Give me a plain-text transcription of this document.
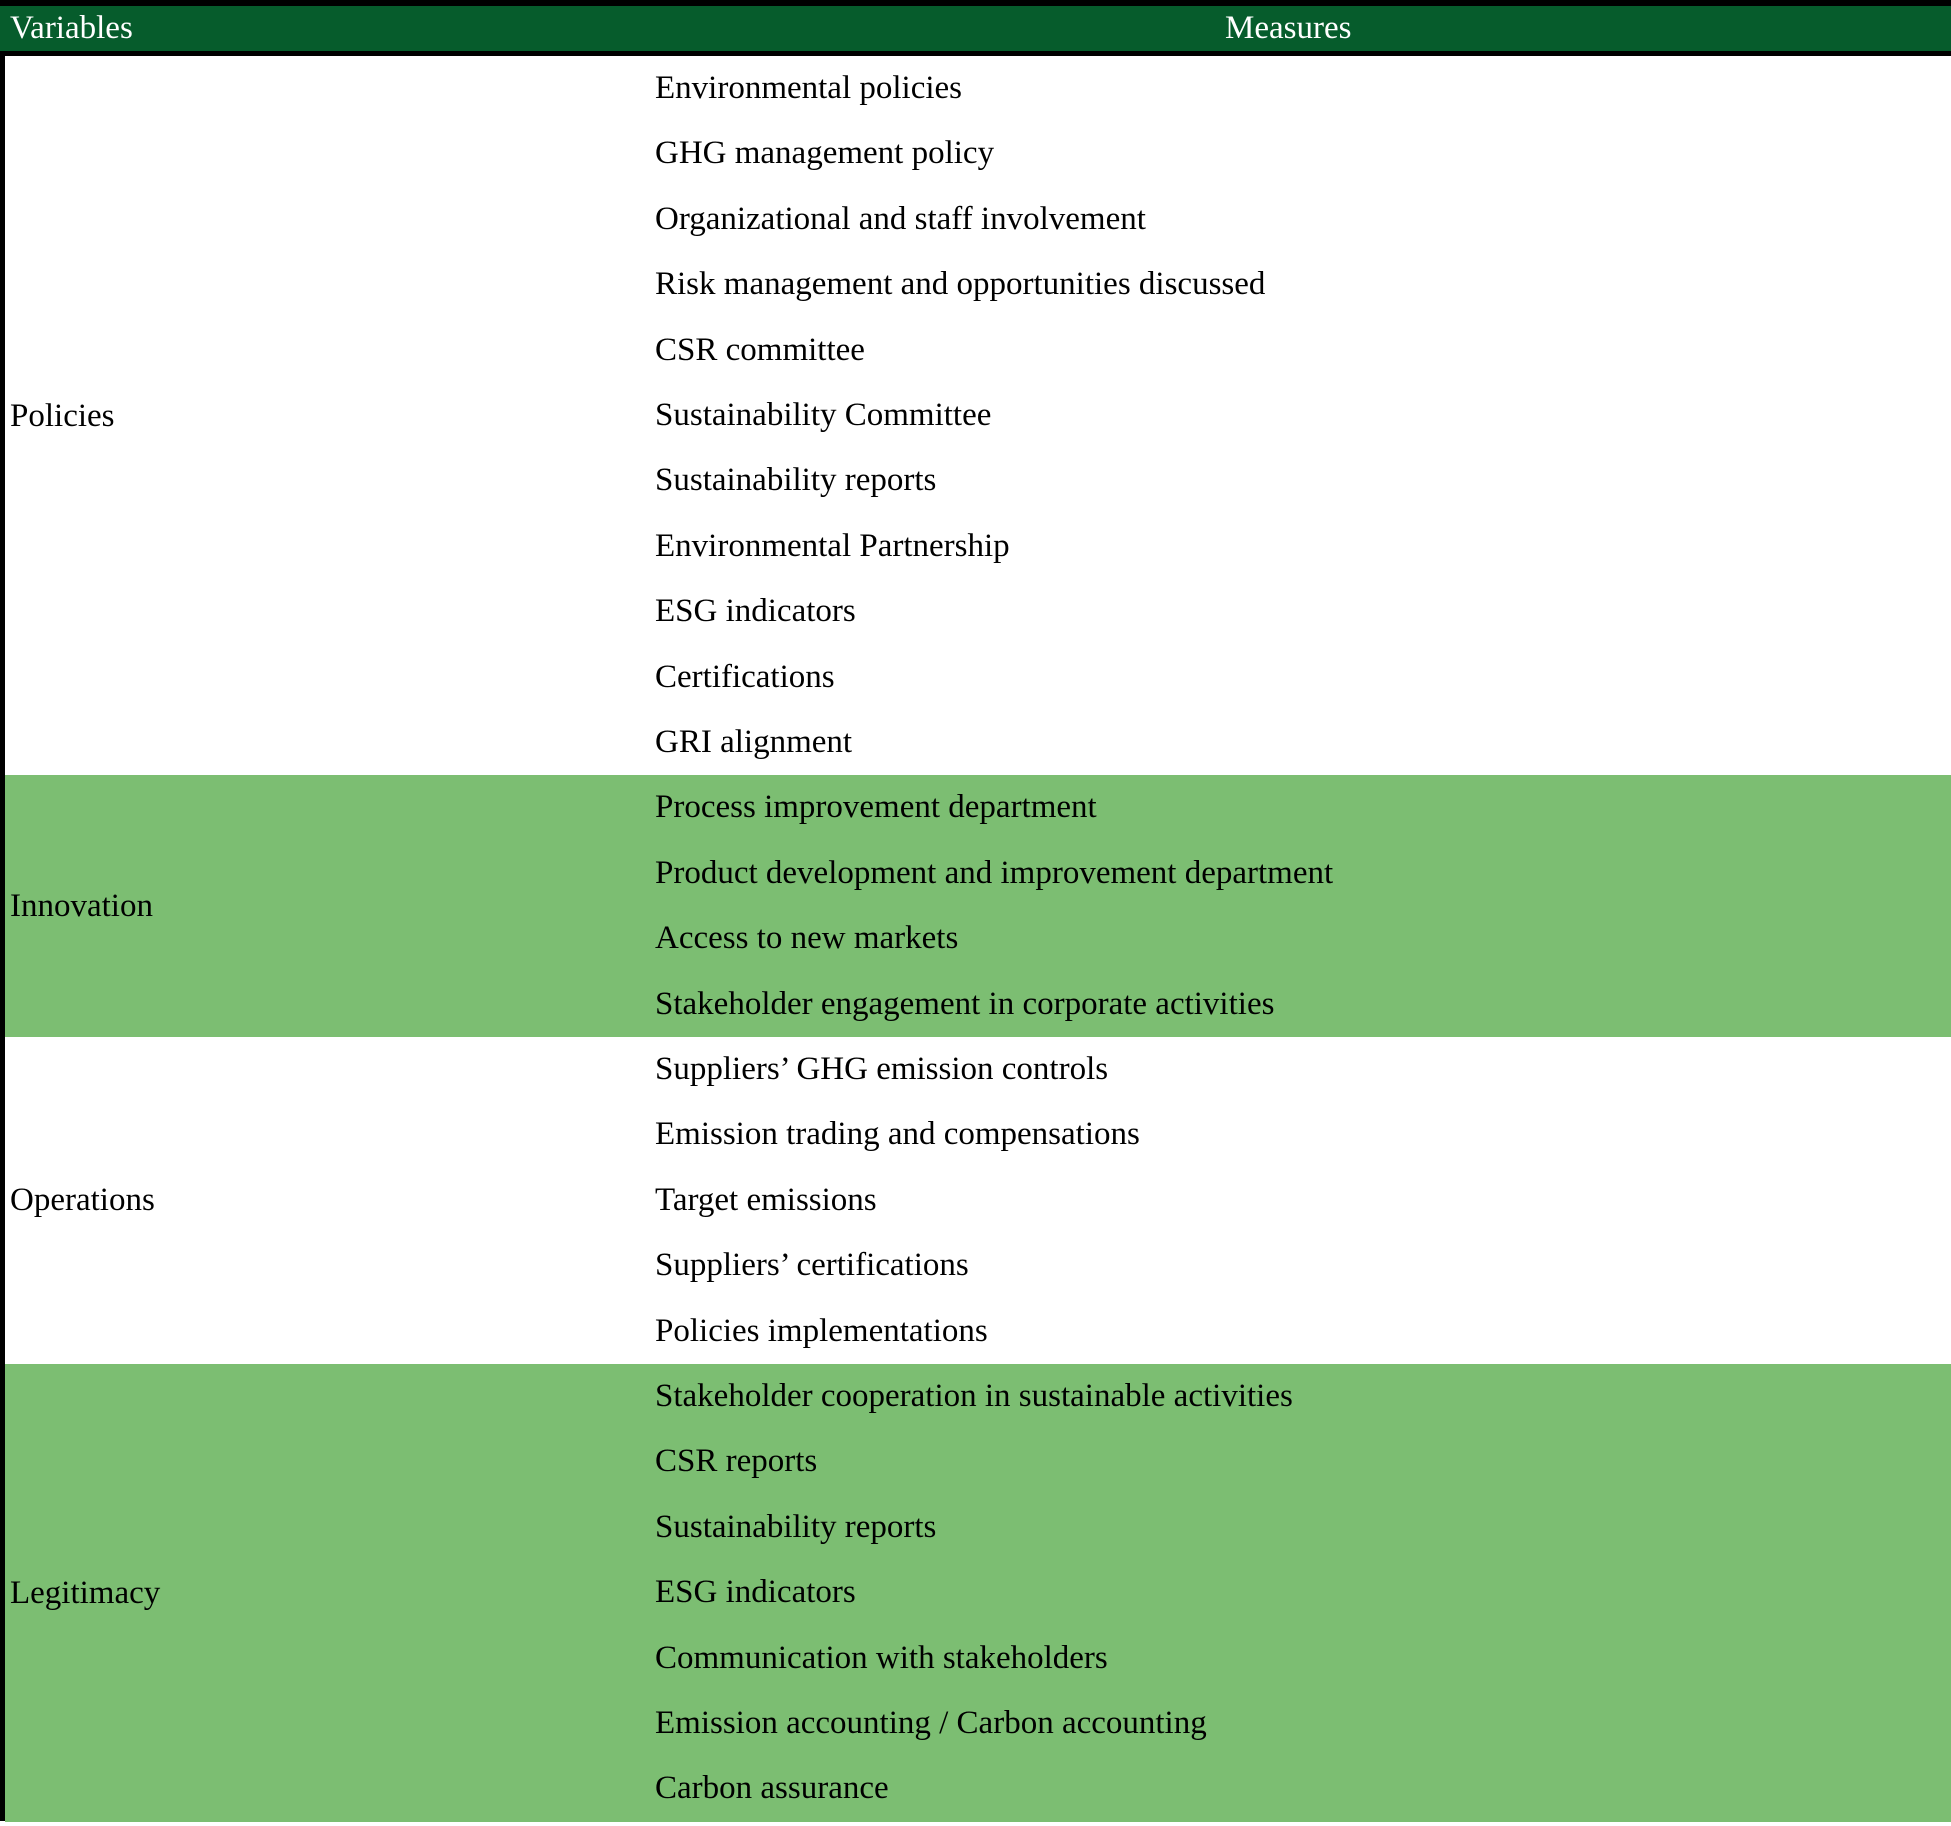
Variables	Measures
Policies
Environmental policies
GHG management policy
Organizational and staff involvement
Risk management and opportunities discussed
CSR committee
Sustainability Committee
Sustainability reports
Environmental Partnership
ESG indicators
Certifications
GRI alignment
Innovation
Process improvement department
Product development and improvement department
Access to new markets
Stakeholder engagement in corporate activities
Operations
Suppliers’ GHG emission controls
Emission trading and compensations
Target emissions
Suppliers’ certifications
Policies implementations
Legitimacy
Stakeholder cooperation in sustainable activities
CSR reports
Sustainability reports
ESG indicators
Communication with stakeholders
Emission accounting / Carbon accounting
Carbon assurance
